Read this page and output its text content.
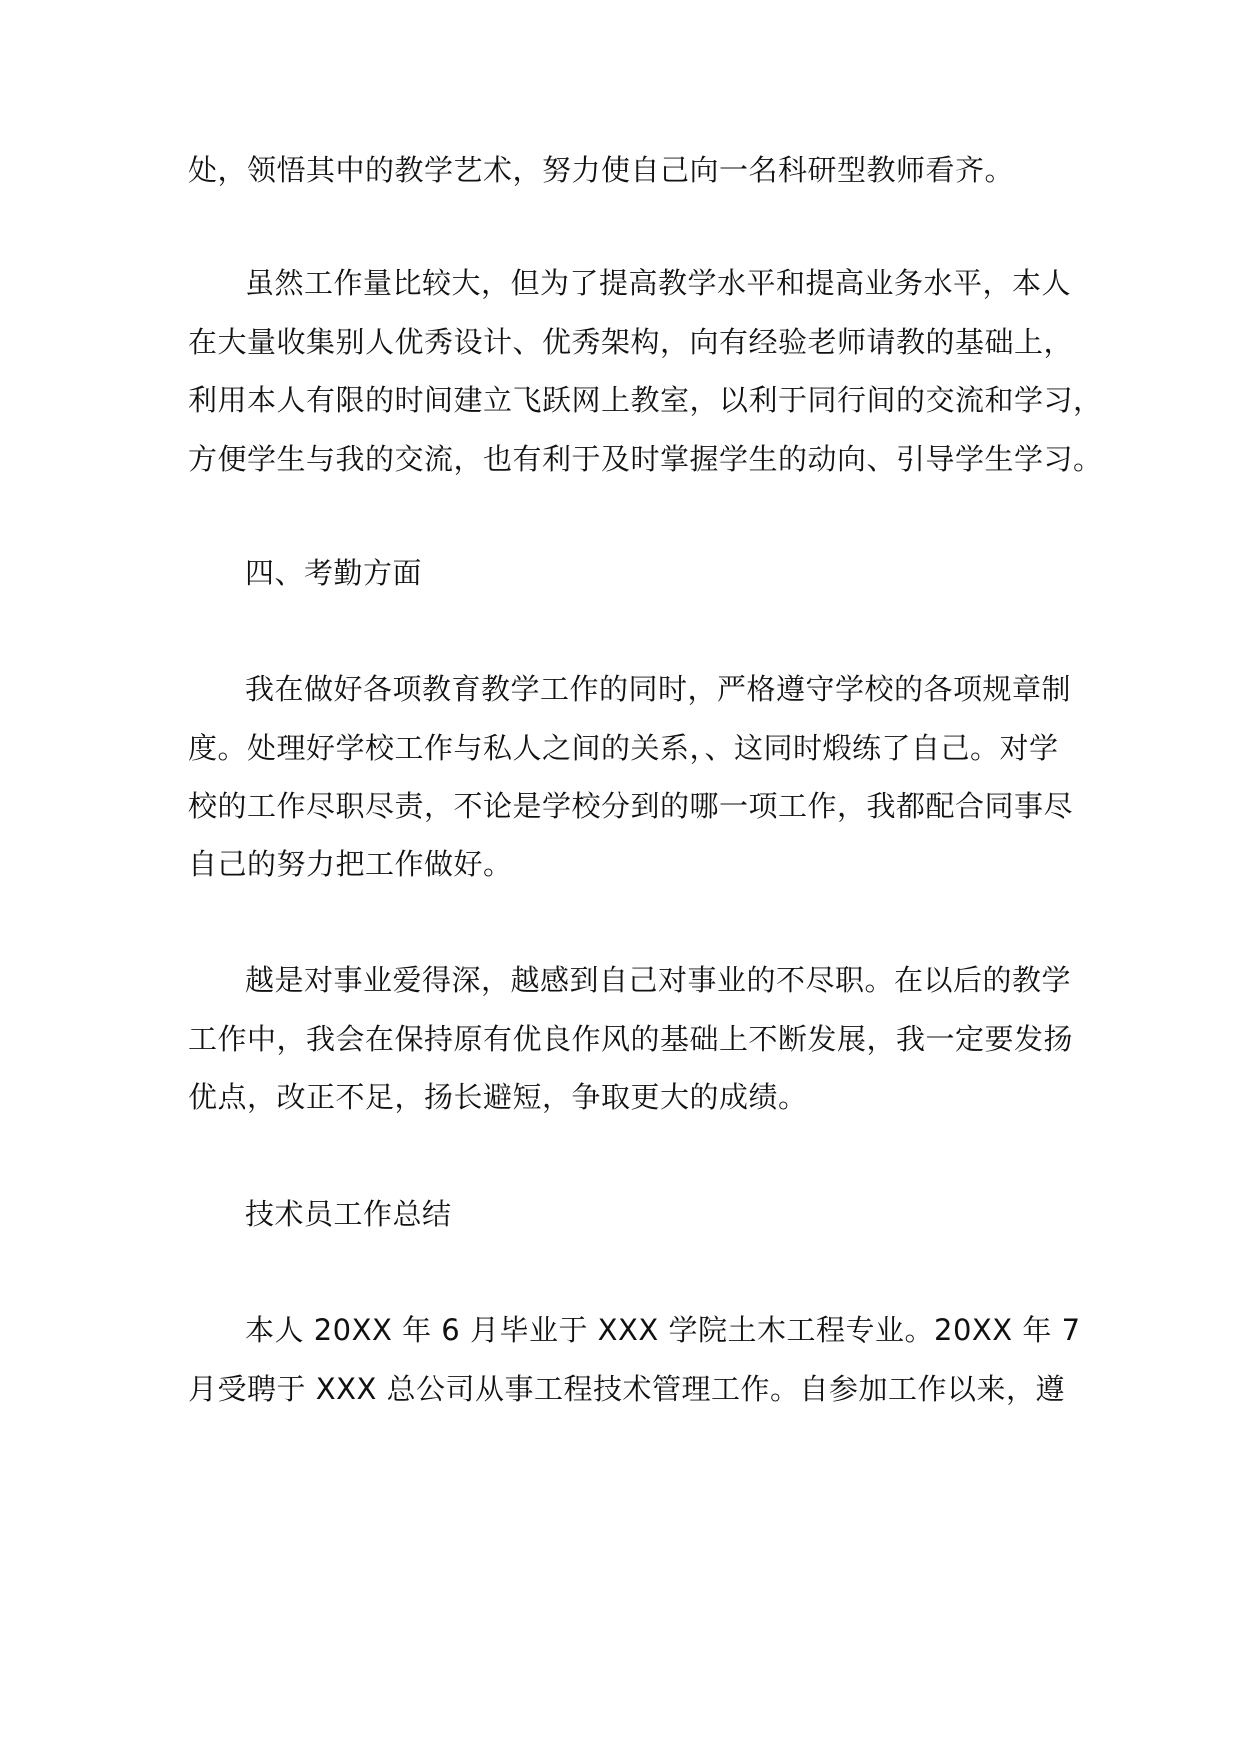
处，领悟其中的教学艺术，努力使自己向一名科研型教师看齐。
虽然工作量比较大，但为了提高教学水平和提高业务水平，本人
在大量收集别人优秀设计、优秀架构，向有经验老师请教的基础上，
利用本人有限的时间建立飞跃网上教室，以利于同行间的交流和学习，
方便学生与我的交流，也有利于及时掌握学生的动向、引导学生学习。
四、考勤方面
我在做好各项教育教学工作的同时，严格遵守学校的各项规章制
度。处理好学校工作与私人之间的关系，、这同时煅练了自己。对学
校的工作尽职尽责，不论是学校分到的哪一项工作，我都配合同事尽
自己的努力把工作做好。
越是对事业爱得深，越感到自己对事业的不尽职。在以后的教学
工作中，我会在保持原有优良作风的基础上不断发展，我一定要发扬
优点，改正不足，扬长避短，争取更大的成绩。
技术员工作总结
本人 20XX 年 6 月毕业于 XXX 学院土木工程专业。20XX 年 7
月受聘于 XXX 总公司从事工程技术管理工作。自参加工作以来，遵
